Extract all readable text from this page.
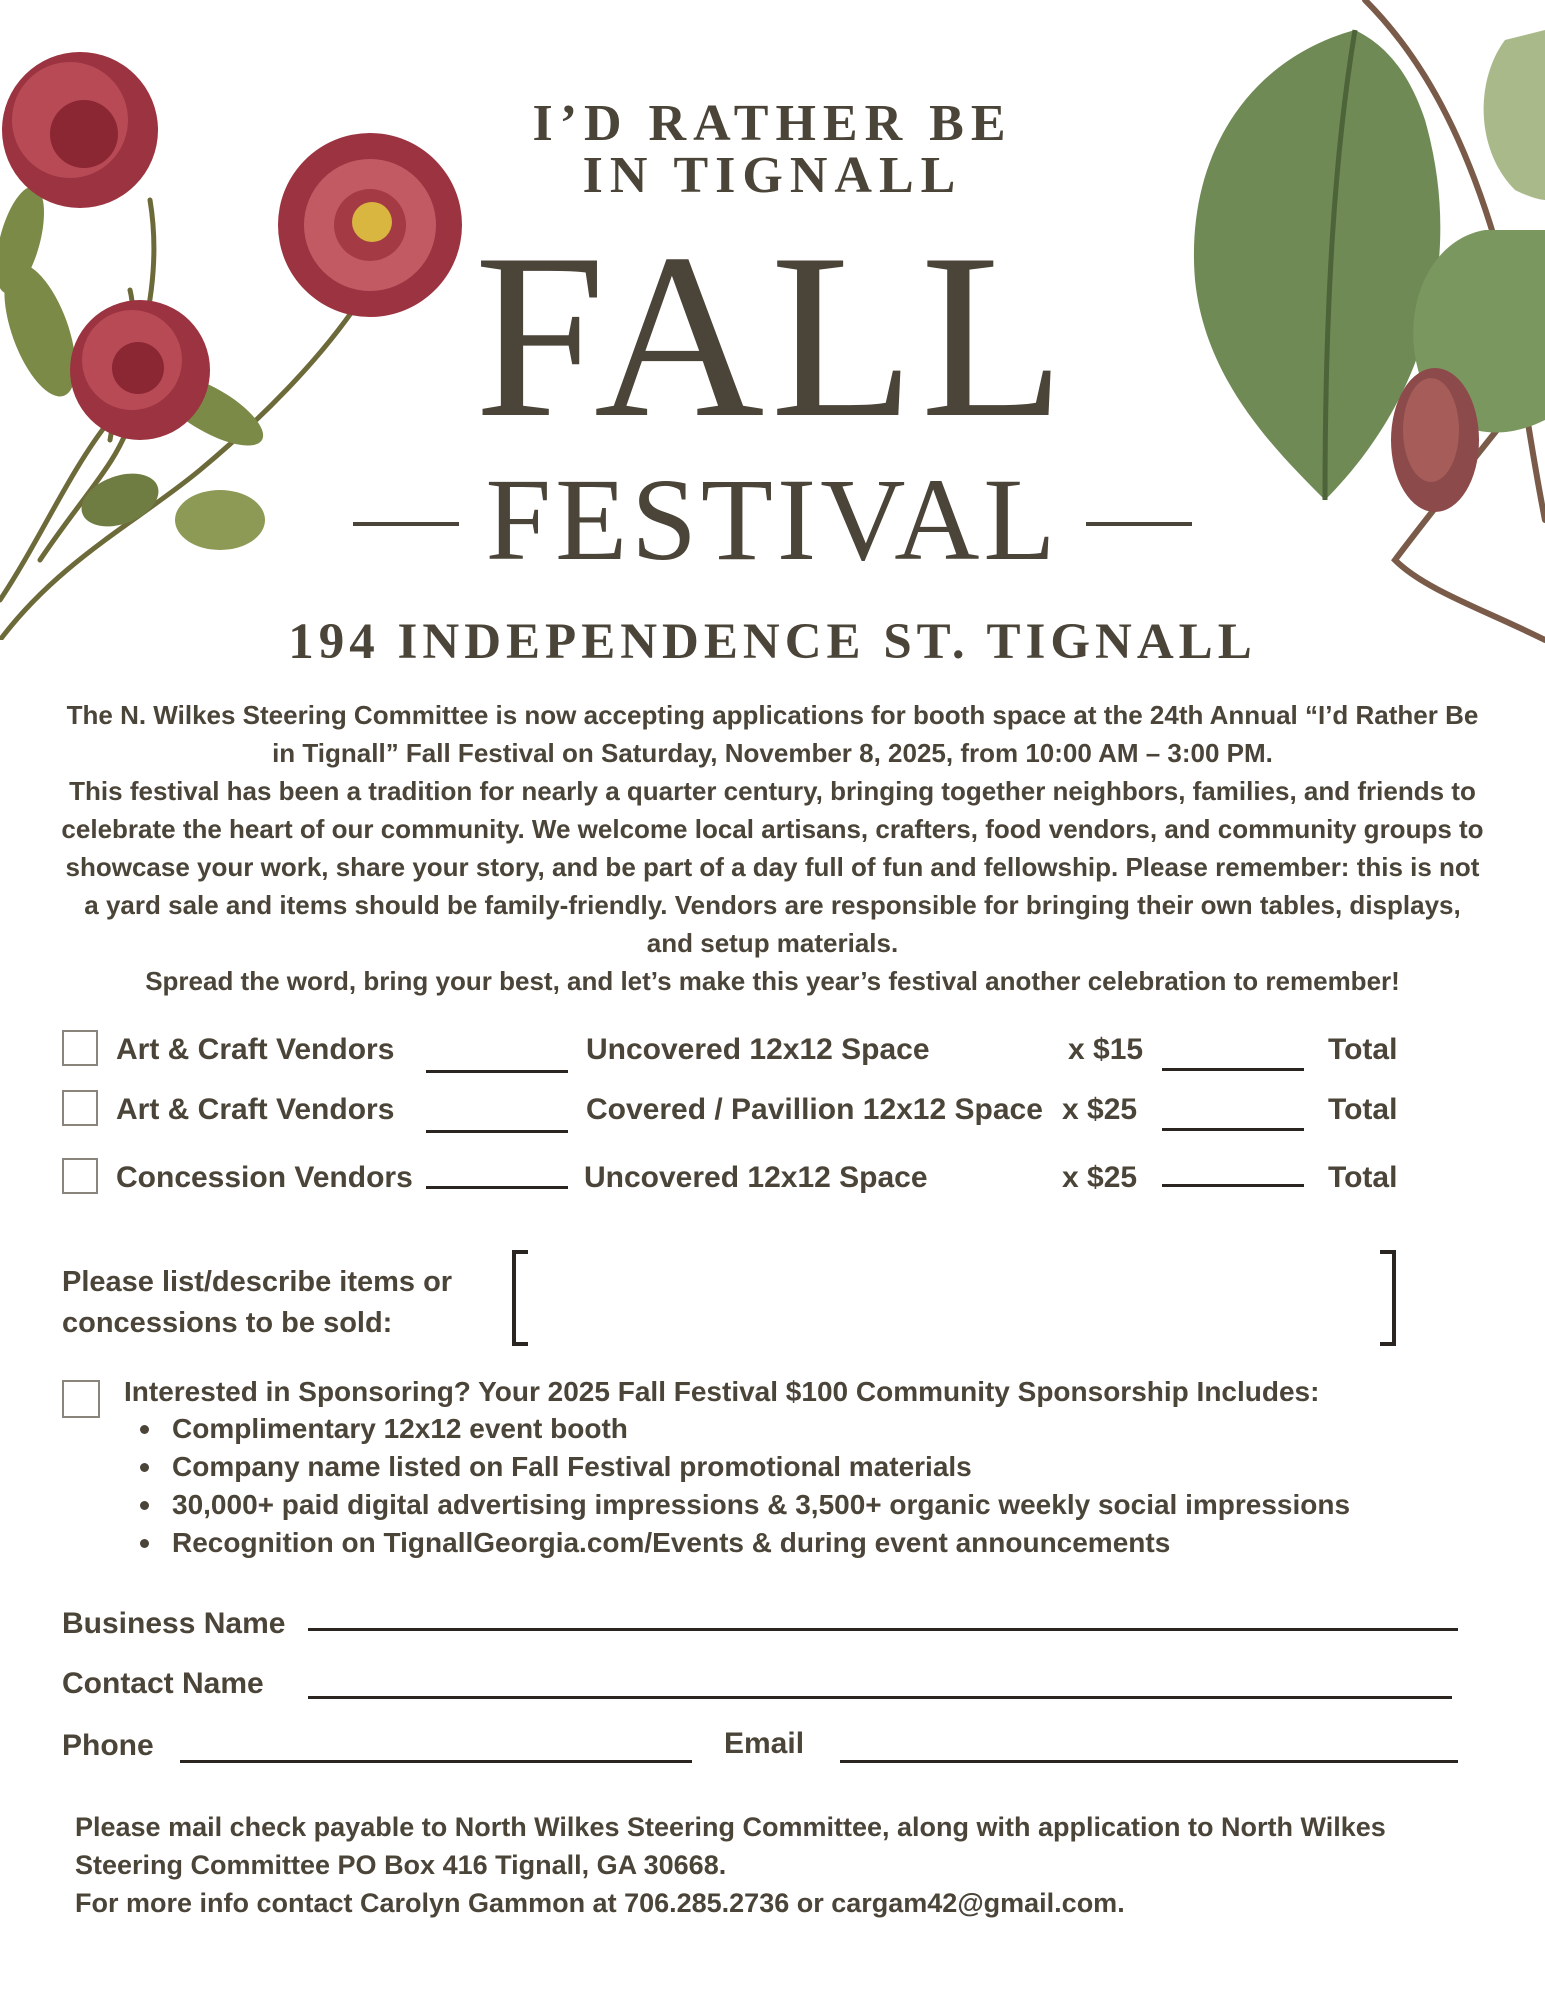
I’D RATHER BE
IN TIGNALL
FALL
FESTIVAL
194 INDEPENDENCE ST. TIGNALL

The N. Wilkes Steering Committee is now accepting applications for booth space at the 24th Annual “I’d Rather Be in Tignall” Fall Festival on Saturday, November 8, 2025, from 10:00 AM – 3:00 PM.

This festival has been a tradition for nearly a quarter century, bringing together neighbors, families, and friends to celebrate the heart of our community. We welcome local artisans, crafters, food vendors, and community groups to showcase your work, share your story, and be part of a day full of fun and fellowship. Please remember: this is not a yard sale and items should be family-friendly. Vendors are responsible for bringing their own tables, displays, and setup materials.

Spread the word, bring your best, and let’s make this year’s festival another celebration to remember!

Art & Craft Vendors	Uncovered 12x12 Space	x $15	Total
Art & Craft Vendors	Covered / Pavillion 12x12 Space x $25	Total
Concession Vendors	Uncovered 12x12 Space	x $25	Total
Please list/describe items or
concessions to be sold:
Interested in Sponsoring? Your 2025 Fall Festival $100 Community Sponsorship Includes:
Complimentary 12x12 event booth
Company name listed on Fall Festival promotional materials
30,000+ paid digital advertising impressions & 3,500+ organic weekly social impressions
Recognition on TignallGeorgia.com/Events & during event announcements
Business Name
Contact Name
Phone	Email

Please mail check payable to North Wilkes Steering Committee, along with application to North Wilkes

Steering Committee PO Box 416 Tignall, GA 30668.

For more info contact Carolyn Gammon at 706.285.2736 or cargam42@gmail.com.
